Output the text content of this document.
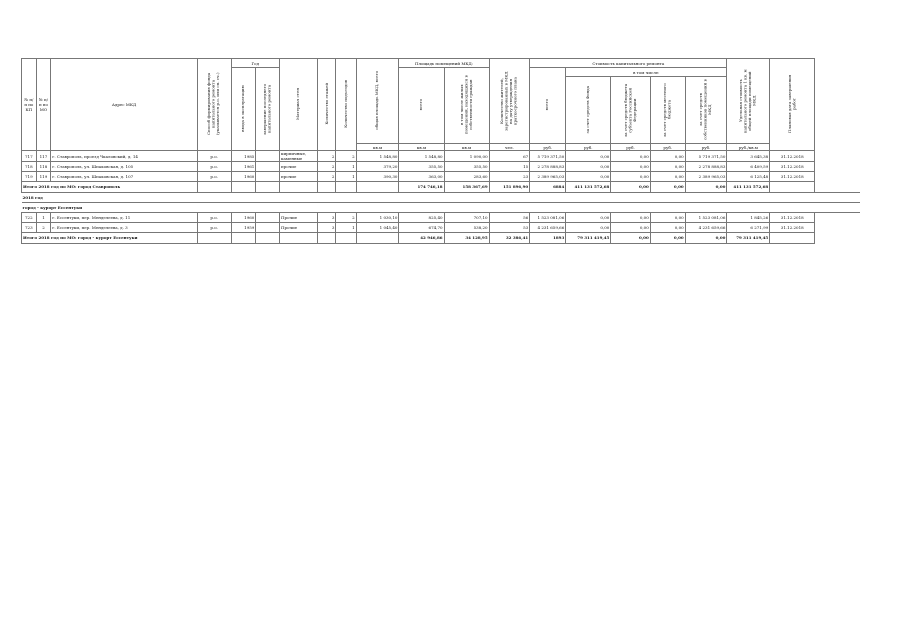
№ п/п по КП	№ п/п по МО	Адрес МКД	Способ формирования фонда капитального ремонта (указывается р.о. или сп. сч.)	Год		Материал стен	Количество этажей	Количество подъездов	общая площадь МКД, всего	Площадь помещений МКД:		Количество жителей, зарегистрированных в МКД на дату утверждения краткосрочного плана	Стоимость капитального ремонта					Удельная стоимость капитального ремонта 1 кв. м общей площади помещений МКД	Плановая дата завершения работ
				ввода в эксплуатацию	завершение последнего капитального ремонта					всего	в том числе жилых помещений, находящихся в собственности граждан		всего	в том числе:					
														за счет средств Фонда	за счет средств бюджета субъекта Российской Федерации	за счет средств местного бюджета	за счет средств собственников помещений в МКД		
									кв.м	кв.м	кв.м	чел.	руб.	руб.	руб.	руб.	руб.	руб./кв.м	
717	117	г. Ставрополь, проезд Чкаловский, д. 14	р.о.	1985		кирпичные, каменные	2	2	1 548,80	1 548,80	1 090,00	67	5 719 371,50	0,00	0,00	0,00	5 719 371,50	3 645,38	31.12.2018
718	118	г. Ставрополь, ул. Шпаковская, д. 105	р.о.	1961		прочие	2	1	379,20	355,50	355,50	15	2 278 888,83	0,00	0,00	0,00	2 278 888,83	6 409,59	31.12.2018
719	119	г. Ставрополь, ул. Шпаковская, д. 107	р.о.	1960		прочие	2	1	390,30	363,00	283,60	23	2 389 965,03	0,00	0,00	0,00	2 389 965,03	6 125,48	31.12.2018
Итого 2018 год по МО: город Ставрополь										174 746,18	158 367,69	151 896,90	6884	411 131 572,68	0,00	0,00	0,00	411 131 572,68	
2018 год																			
город - курорт Ессентуки																			
722	1	г. Ессентуки, пер. Менделеева, д. 11	р.о.	1960		Прочие	3	2	1 030,10	825,40	707,10	56	1 523 081,06	0,00	0,00	0,00	1 523 081,06	1 845,26	31.12.2018
723	2	г. Ессентуки, пер. Менделеева, д. 3	р.о.	1959		Прочие	3	1	1 045,40	674,70	538,20	53	4 231 659,66	0,00	0,00	0,00	4 231 659,66	6 271,99	31.12.2018
Итого 2018 год по МО: город - курорт Ессентуки										42 946,86	34 128,95	32 386,41	1893	79 311 419,45	0,00	0,00	0,00	79 311 419,45	
